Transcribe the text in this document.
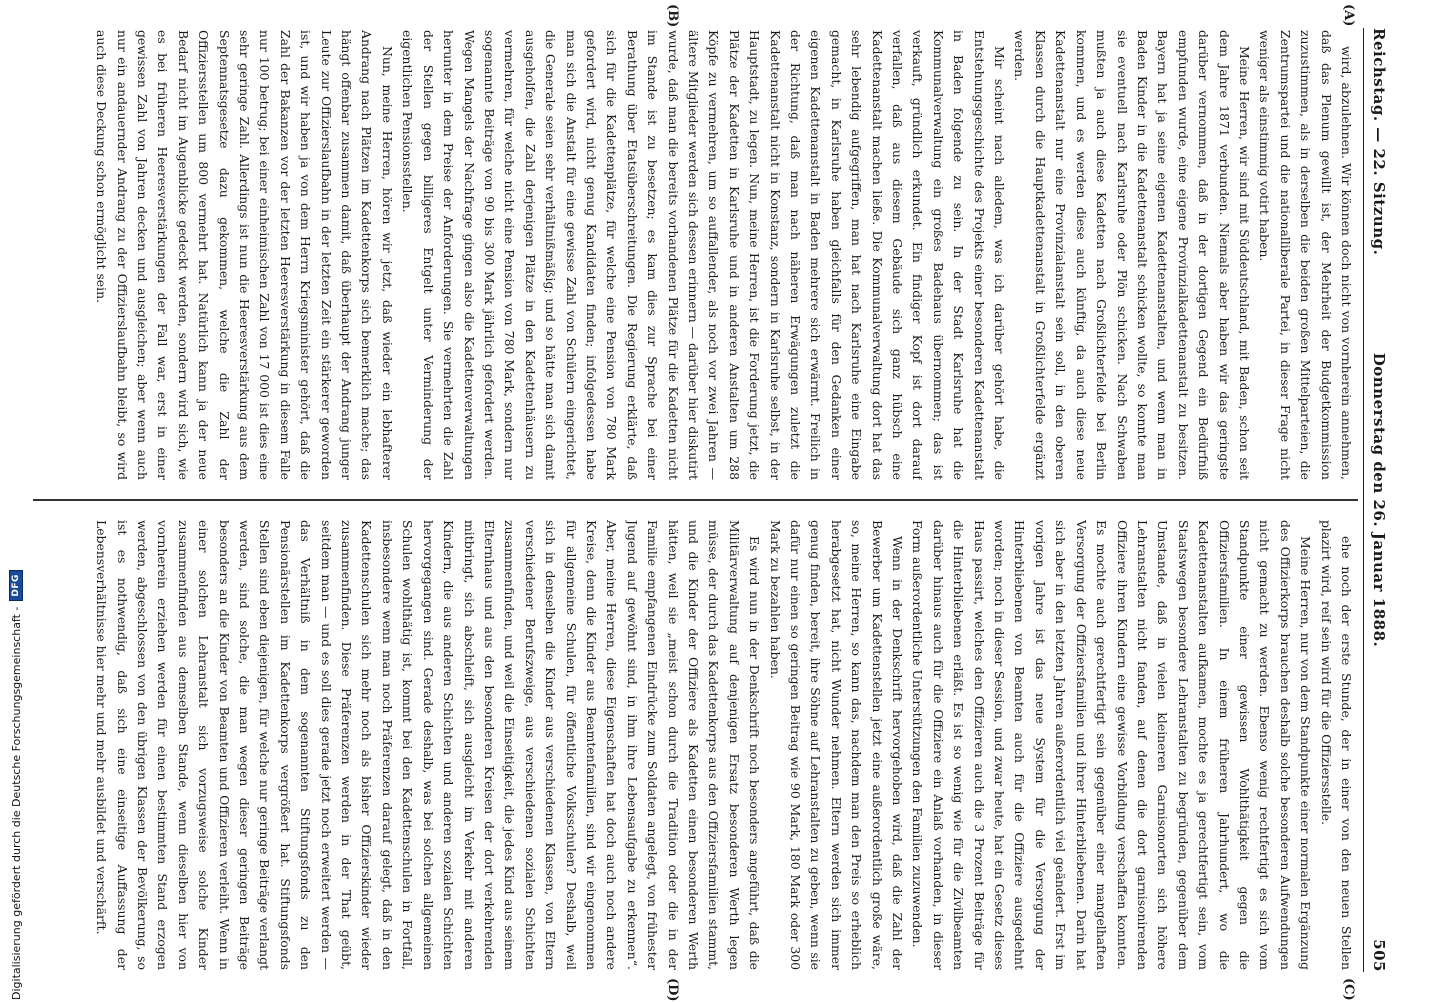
Reichstag. — 22. Sitzung.
Donnerstag den 26. Januar 1888.
505
(A)
(B)
(C)
(D)

wird, abzulehnen. Wir können doch nicht von vornherein annehmen, daß das Plenum gewillt ist, der Mehrheit der Budgetkommission zuzustimmen, als in derselben die beiden großen Mittelparteien, die Zentrumspartei und die nationalliberale Partei, in dieser Frage nicht weniger als einstimmig votirt haben.

Meine Herren, wir sind mit Süddeutschland, mit Baden, schon seit dem Jahre 1871 verbunden. Niemals aber haben wir das geringste darüber vernommen, daß in der dortigen Gegend ein Bedürfniß empfunden wurde, eine eigene Provinzialkadettenanstalt zu besitzen. Bayern hat ja seine eigenen Kadettenanstalten, und wenn man in Baden Kinder in die Kadettenanstalt schicken wollte, so konnte man sie eventuell nach Karlsruhe oder Plön schicken. Nach Schwaben mußten ja auch diese Kadetten nach Großlichterfelde bei Berlin kommen, und es werden diese auch künftig, da auch diese neue Kadettenanstalt nur eine Provinzialanstalt sein soll, in den oberen Klassen durch die Hauptkadettenanstalt in Großlichterfelde ergänzt werden.

Mir scheint nach alledem, was ich darüber gehört habe, die Entstehungsgeschichte des Projekts einer besonderen Kadettenanstalt in Baden folgende zu sein. In der Stadt Karlsruhe hat die Kommunalverwaltung ein großes Badehaus übernommen; das ist verkauft, gründlich erkundet. Ein findiger Kopf ist dort darauf verfallen, daß aus diesem Gebäude sich ganz hübsch eine Kadettenanstalt machen ließe. Die Kommunalverwaltung dort hat das sehr lebendig aufgegriffen, man hat nach Karlsruhe eine Eingabe gemacht, in Karlsruhe haben gleichfalls für den Gedanken einer eigenen Kadettenanstalt in Baden mehrere sich erwärmt. Freilich in der Richtung, daß man nach näheren Erwägungen zuletzt die Kadettenanstalt nicht in Konstanz, sondern in Karlsruhe selbst, in der Hauptstadt, zu legen. Nun, meine Herren, ist die Forderung jetzt, die Plätze der Kadetten in Karlsruhe und in anderen Anstalten um 288 Köpfe zu vermehren, um so auffallender, als noch vor zwei Jahren — ältere Mitglieder werden sich dessen erinnern — darüber hier diskutirt wurde, daß man die bereits vorhandenen Plätze für die Kadetten nicht im Stande ist zu besetzen; es kam dies zur Sprache bei einer Berathung über Etatsüberschreitungen. Die Regierung erklärte, daß sich für die Kadettenplätze, für welche eine Pension von 780 Mark gefordert wird, nicht genug Kandidaten finden; infolgedessen habe man sich die Anstalt für eine gewisse Zahl von Schülern eingerichtet, die Generale seien sehr verhältnißmäßig; und so hätte man sich damit ausgeholfen, die Zahl derjenigen Plätze in den Kadettenhäusern zu vermehren, für welche nicht eine Pension von 780 Mark, sondern nur sogenannte Beiträge von 90 bis 300 Mark jährlich gefordert werden. Wegen Mangels der Nachfrage gingen also die Kadettenverwaltungen herunter in dem Preise der Anforderungen. Sie vermehrten die Zahl der Stellen gegen billigeres Entgelt unter Verminderung der eigentlichen Pensionsstellen.

Nun, meine Herren, hören wir jetzt, daß wieder ein lebhafterer Andrang nach Plätzen im Kadettenkorps sich bemerklich mache; das hängt offenbar zusammen damit, daß überhaupt der Andrang junger Leute zur Offizierslaufbahn in der letzten Zeit ein stärkerer geworden ist, und wir haben ja von dem Herrn Kriegsminister gehört, daß die Zahl der Bakanzen vor der letzten Heeresverstärkung in diesem Falle nur 100 betrug; bei einer einheimischen Zahl von 17 000 ist dies eine sehr geringe Zahl. Allerdings ist nun die Heeresverstärkung aus dem Septennatsgesetze dazu gekommen, welche die Zahl der Offiziersstellen um 800 vermehrt hat. Natürlich kann ja der neue Bedarf nicht im Augenblicke gedeckt werden, sondern wird sich, wie es bei früheren Heeresverstärkungen der Fall war, erst in einer gewissen Zahl von Jahren decken und ausgleichen; aber wenn auch nur ein andauernder Andrang zu der Offizierslaufbahn bleibt, so wird auch diese Deckung schon ermöglicht sein.

ehe noch der erste Stunde, der in einer von den neuen Stellen plazirt wird, reif sein wird für die Offiziersstelle.

Meine Herren, nur von dem Standpunkte einer normalen Ergänzung des Offizierkorps brauchen deshalb solche besonderen Aufwendungen nicht gemacht zu werden. Ebenso wenig rechtfertigt es sich vom Standpunkte einer gewissen Wohlthätigkeit gegen die Offiziersfamilien. In einem früheren Jahrhundert, wo die Kadettenanstalten aufkamen, mochte es ja gerechtfertigt sein, vom Staatswegen besondere Lehranstalten zu begründen, gegenüber dem Umstande, daß in vielen kleineren Garnisonorten sich höhere Lehranstalten nicht fanden, auf denen die dort garnisonirenden Offiziere ihren Kindern eine gewisse Vorbildung verschaffen konnten. Es mochte auch gerechtfertigt sein gegenüber einer mangelhaften Versorgung der Offiziersfamilien und ihrer Hinterbliebenen. Darin hat sich aber in den letzten Jahren außerordentlich viel geändert. Erst im vorigen Jahre ist das neue System für die Versorgung der Hinterbliebenen von Beamten auch für die Offiziere ausgedehnt worden; noch in dieser Session, und zwar heute, hat ein Gesetz dieses Haus passirt, welches den Offizieren auch die 3 Prozent Beiträge für die Hinterbliebenen erläßt. Es ist so wenig wie für die Zivilbeamten darüber hinaus auch für die Offiziere ein Anlaß vorhanden, in dieser Form außerordentliche Unterstützungen den Familien zuzuwenden.

Wenn in der Denkschrift hervorgehoben wird, daß die Zahl der Bewerber um Kadettenstellen jetzt eine außerordentlich große wäre, so, meine Herren, so kann das, nachdem man den Preis so erheblich herabgesetzt hat, nicht Wunder nehmen. Eltern werden sich immer genug finden, bereit, ihre Söhne auf Lehranstalten zu geben, wenn sie dafür nur einen so geringen Beitrag wie 90 Mark, 180 Mark oder 300 Mark zu bezahlen haben.

Es wird nun in der Denkschrift noch besonders angeführt, daß die Militärverwaltung auf denjenigen Ersatz besonderen Werth legen müsse, der durch das Kadettenkorps aus den Offiziersfamilien stammt, und die Kinder der Offiziere als Kadetten einen besonderen Werth hätten, weil sie „meist schon durch die Tradition oder die in der Familie empfangenen Eindrücke zum Soldaten angelegt, von frühester Jugend auf gewöhnt sind, in ihm ihre Lebensaufgabe zu erkennen“. Aber, meine Herren, diese Eigenschaften hat doch auch noch andere Kreise, denn die Kinder aus Beamtenfamilien, sind wir eingenommen für allgemeine Schulen, für öffentliche Volksschulen? Deshalb, weil sich in denselben die Kinder aus verschiedenen Klassen, von Eltern verschiedener Berufszweige, aus verschiedenen sozialen Schichten zusammenfinden, und weil die Einseitigkeit, die jedes Kind aus seinem Elternhaus und aus den besonderen Kreisen der dort verkehrenden mitbringt, sich abschleift, sich ausgleicht im Verkehr mit anderen Kindern, die aus anderen Schichten und anderen sozialen Schichten hervorgegangen sind. Gerade deshalb, was bei solchen allgemeinen Schulen wohlthätig ist, kommt bei den Kadettenschulen in Fortfall, insbesondere wenn man noch Präferenzen darauf gelegt, daß in den Kadettenschulen sich mehr noch als bisher Offizierskinder wieder zusammenfinden. Diese Präferenzen werden in der That geübt, seitdem man — und es soll dies gerade jetzt noch erweitert werden — das Verhältniß in dem sogenannten Stiftungsfonds zu den Pensionärstellen im Kadettenkorps vergrößert hat. Stiftungsfonds Stellen sind eben diejenigen, für welche nur geringe Beiträge verlangt werden, sind solche, die man wegen dieser geringen Beiträge besonders an die Kinder von Beamten und Offizieren verleiht. Wenn in einer solchen Lehranstalt sich vorzugsweise solche Kinder zusammenfinden aus demselben Stande, wenn dieselben hier von vornherein erziehen werden für einen bestimmten Stand erzogen werden, abgeschlossen von den übrigen Klassen der Bevölkerung, so ist es nothwendig, daß sich eine einseitige Auffassung der Lebensverhältnisse hier mehr und mehr ausbildet und verschärft.

Digitalisierung gefördert durch die Deutsche Forschungsgemeinschaft -
DFG
